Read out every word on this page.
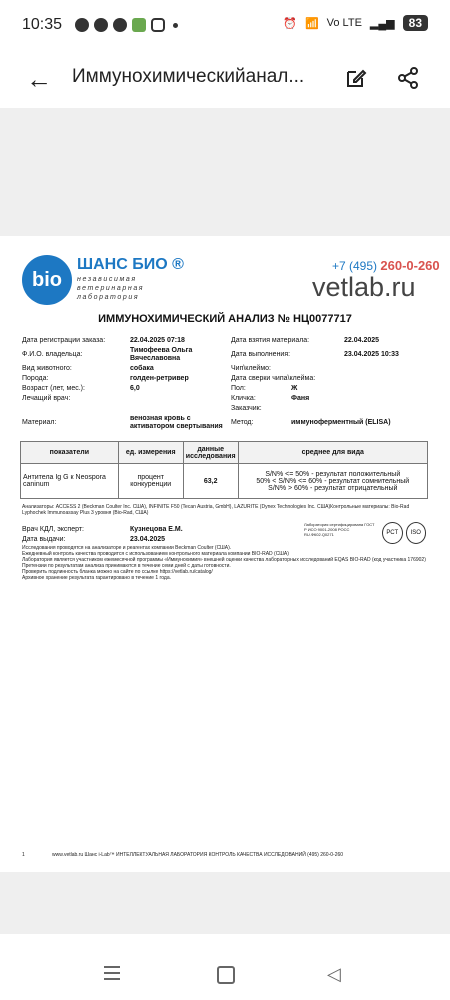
10:35	⏰ 📶 Vo LTE ▂▄▆	83
← Иммунохимическийанал...
bio
ШАНС БИО ®
независимая
ветеринарная
лаборатория
+7 (495) 260-0-260
vetlab.ru
ИММУНОХИМИЧЕСКИЙ АНАЛИЗ № НЦ0077717
Дата регистрации заказа:	22.04.2025 07:18
Ф.И.О. владельца:
Тимофеева Ольга Вячеславовна
Вид животного:	собака
Порода:	голден-ретривер
Возраст (лет, мес.):	6,0
Лечащий врач:
Материал:
венозная кровь с активатором свертывания
Дата взятия материала:	22.04.2025
Дата выполнения:	23.04.2025 10:33
Чип\клеймо:
Дата сверки чипа\клейма:
Пол:	Ж
Кличка:	Фаня
Заказчик:
Метод:	иммуноферментный (ELISA)
показатели	ед. измерения	данные исследования	среднее для вида
Антитела Ig G к Neospora caninum	процент конкуренции	63,2	S/N% <= 50% - результат положительный
50% < S/N% <= 60% - результат сомнительный
S/N% > 60% - результат отрицательный
Анализаторы: ACCESS 2 (Beckman Coulter Inc. США), INFINITE F50 (Tecan Austria, GmbH), LAZURITE (Dynex Technologies Inc. США)Контрольные материалы: Bio-Rad Lyphochek Immunoassay Plus 3 уровня (Bio-Rad, США)
Врач КДЛ, эксперт:	Кузнецова Е.М.
Дата выдачи:	23.04.2025
Лаборатория сертифицирована ГОСТ Р ИСО 9001-2008 РОСС RU.ФК02.Q0271	РСТ	ISO
Исследования проводятся на анализаторе и реагентах компании Beckman Coulter (США).
Ежедневный контроль качества проводится с использованием контрольного материала компании BIO-RAD (США)
Лаборатория является участником ежемесячной программы «Иммунохимия» внешней оценки качества лабораторных исследований EQAS BIO-RAD (код участника 176902)
Претензии по результатам анализа принимаются в течение семи дней с даты готовности.
Проверить подлинность бланка можно на сайте по ссылке https://vetlab.ru/catalog/
Архивное хранение результата гарантировано в течение 1 года.
1	www.vetlab.ru Шанс i-Lab™ ИНТЕЛЛЕКТУАЛЬНАЯ ЛАБОРАТОРИЯ КОНТРОЛЬ КАЧЕСТВА ИССЛЕДОВАНИЙ (495) 260-0-260
◁
